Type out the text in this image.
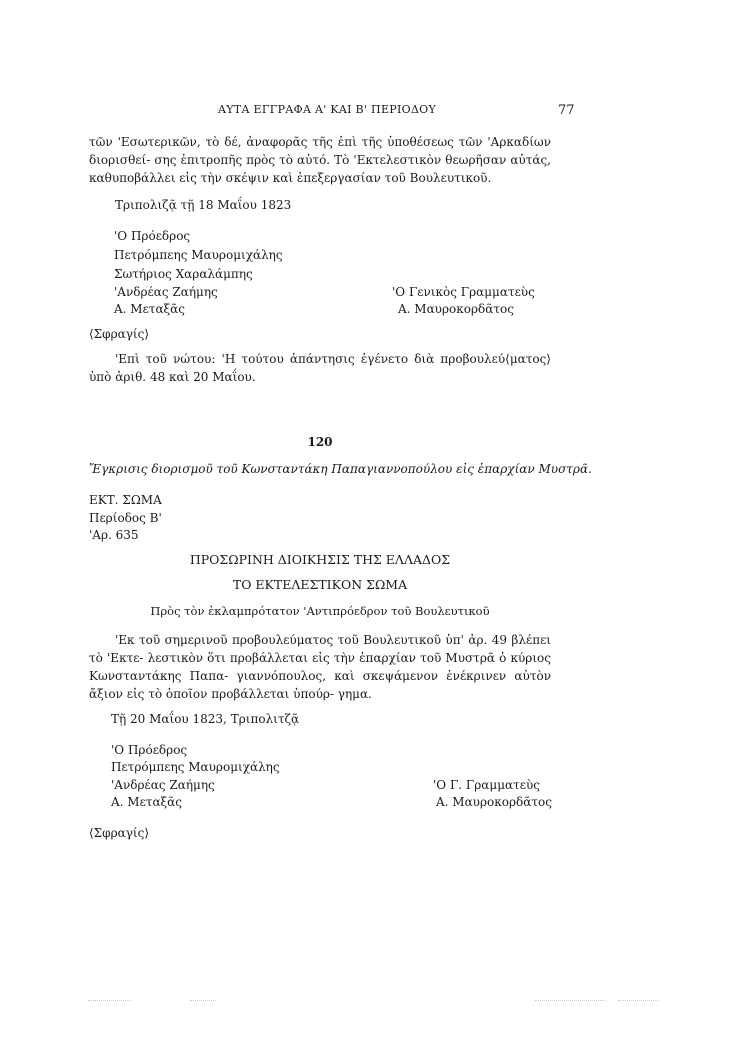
ΑΥΤΑ ΕΓΓΡΑΦΑ Α' ΚΑΙ Β' ΠΕΡΙΟΔΟΥ	77
τῶν 'Εσωτερικῶν, τὸ δέ, ἀναφορᾶς τῆς ἐπὶ τῆς ὑποθέσεως τῶν 'Αρκαδίων διορισθεί- σης ἐπιτροπῆς πρὸς τὸ αὐτό. Τὸ 'Εκτελεστικὸν θεωρῆσαν αὐτάς, καθυποβάλλει εἰς τὴν σκέψιν καὶ ἐπεξεργασίαν τοῦ Βουλευτικοῦ.
Τριπολιζᾷ τῇ 18 Μαΐου 1823
'Ο Πρόεδρος
Πετρόμπεης Μαυρομιχάλης
Σωτήριος Χαραλάμπης
'Ανδρέας Ζαήμης
Α. Μεταξᾶς
'Ο Γενικὸς Γραμματεὺς
Α. Μαυροκορδᾶτος
⟨Σφραγίς⟩
'Επὶ τοῦ νώτου: 'Η τούτου ἀπάντησις ἐγένετο διὰ προβουλεύ⟨ματος⟩ ὑπὸ ἀριθ. 48 καὶ 20 Μαΐου.
120
Ἔγκρισις διορισμοῦ τοῦ Κωνσταντάκη Παπαγιαννοπούλου εἰς ἐπαρχίαν Μυστρᾶ.
ΕΚΤ. ΣΩΜΑ
Περίοδος Β'
'Αρ. 635
ΠΡΟΣΩΡΙΝΗ ΔΙΟΙΚΗΣΙΣ ΤΗΣ ΕΛΛΑΔΟΣ
ΤΟ ΕΚΤΕΛΕΣΤΙΚΟΝ ΣΩΜΑ
Πρὸς τὸν ἐκλαμπρότατον 'Αντιπρόεδρον τοῦ Βουλευτικοῦ
'Εκ τοῦ σημερινοῦ προβουλεύματος τοῦ Βουλευτικοῦ ὑπ' ἀρ. 49 βλέπει τὸ 'Εκτε- λεστικὸν ὅτι προβάλλεται εἰς τὴν ἐπαρχίαν τοῦ Μυστρᾶ ὁ κύριος Κωνσταντάκης Παπα- γιαννόπουλος, καὶ σκεψάμενον ἐνέκρινεν αὐτὸν ἄξιον εἰς τὸ ὁποῖον προβάλλεται ὑπούρ- γημα.
Τῇ 20 Μαΐου 1823, Τριπολιτζᾷ
'Ο Πρόεδρος
Πετρόμπεης Μαυρομιχάλης
'Ανδρέας Ζαήμης
Α. Μεταξᾶς
'Ο Γ. Γραμματεὺς
Α. Μαυροκορδᾶτος
⟨Σφραγίς⟩
